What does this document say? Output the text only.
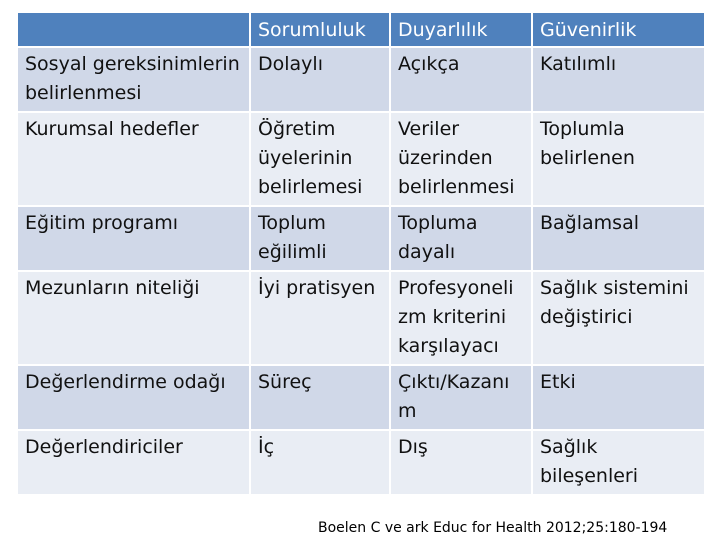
	Sorumluluk	Duyarlılık	Güvenirlik
Sosyal gereksinimlerin belirlenmesi	Dolaylı	Açıkça	Katılımlı
Kurumsal hedefler	Öğretim üyelerinin belirlemesi	Veriler üzerinden belirlenmesi	Toplumla belirlenen
Eğitim programı	Toplum eğilimli	Topluma dayalı	Bağlamsal
Mezunların niteliği	İyi pratisyen	Profesyoneli zm kriterini karşılayacı	Sağlık sistemini değiştirici
Değerlendirme odağı	Süreç	Çıktı/Kazanı m	Etki
Değerlendiriciler	İç	Dış	Sağlık bileşenleri
Boelen C ve ark Educ for Health 2012;25:180-194
